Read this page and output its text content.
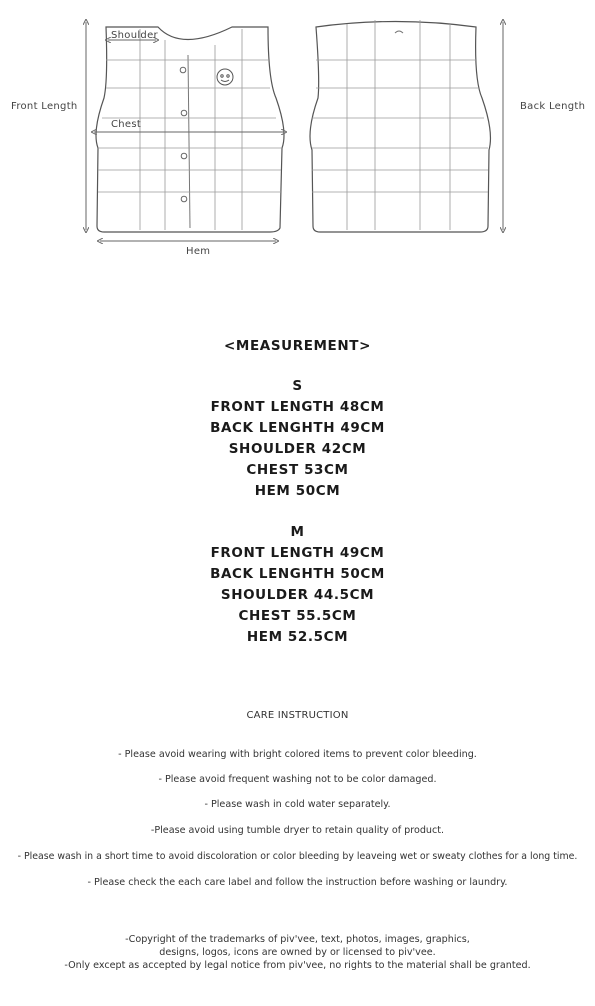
Shoulder
Chest
Front Length	Back Length
Hem
<MEASUREMENT>
S
FRONT LENGTH 48CM
BACK LENGHTH 49CM
SHOULDER 42CM
CHEST 53CM
HEM 50CM
M
FRONT LENGTH 49CM
BACK LENGHTH 50CM
SHOULDER 44.5CM
CHEST 55.5CM
HEM 52.5CM
CARE INSTRUCTION
- Please avoid wearing with bright colored items to prevent color bleeding.
- Please avoid frequent washing not to be color damaged.
- Please wash in cold water separately.
-Please avoid using tumble dryer to retain quality of product.
- Please wash in a short time to avoid discoloration or color bleeding by leaveing wet or sweaty clothes for a long time.
- Please check the each care label and follow the instruction before washing or laundry.
-Copyright of the trademarks of piv'vee, text, photos, images, graphics,
designs, logos, icons are owned by or licensed to piv'vee.
-Only except as accepted by legal notice from piv'vee, no rights to the material shall be granted.
